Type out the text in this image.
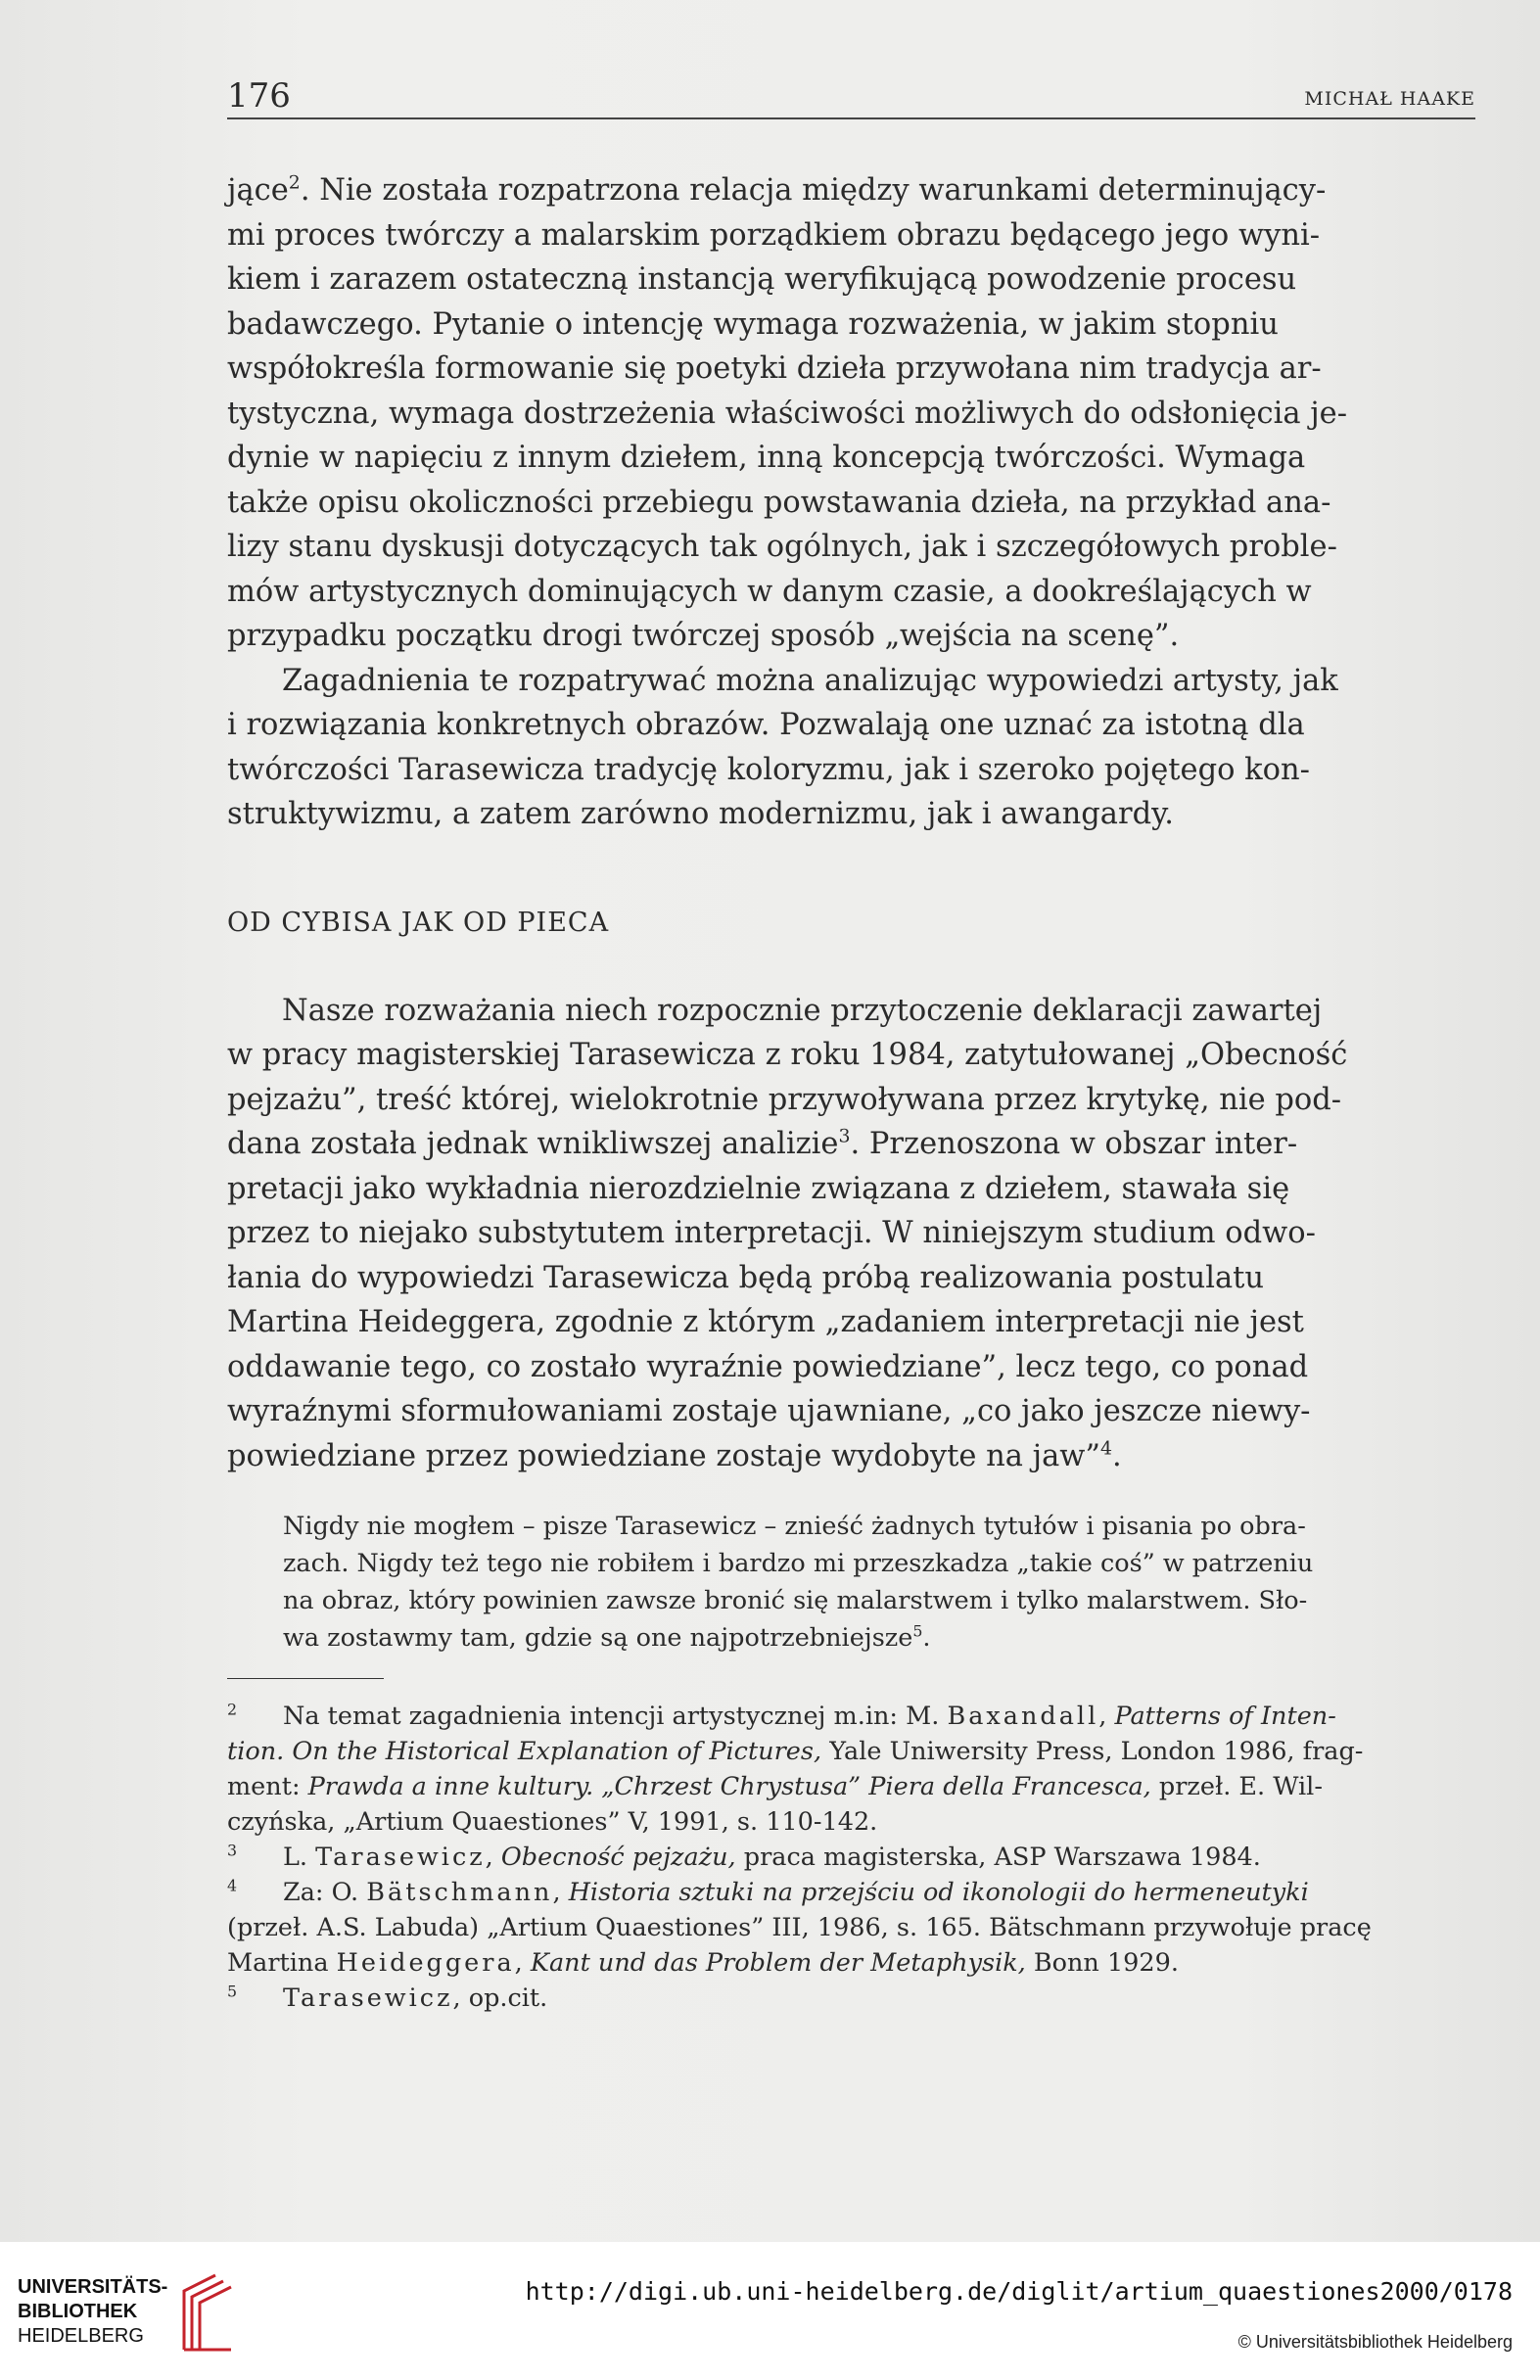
176	MICHAŁ HAAKE

jące$^2$. Nie została rozpatrzona relacja między warunkami determinujący-
mi proces twórczy a malarskim porządkiem obrazu będącego jego wyni-
kiem i zarazem ostateczną instancją weryfikującą powodzenie procesu
badawczego. Pytanie o intencję wymaga rozważenia, w jakim stopniu
współokreśla formowanie się poetyki dzieła przywołana nim tradycja ar-
tystyczna, wymaga dostrzeżenia właściwości możliwych do odsłonięcia je-
dynie w napięciu z innym dziełem, inną koncepcją twórczości. Wymaga
także opisu okoliczności przebiegu powstawania dzieła, na przykład ana-
lizy stanu dyskusji dotyczących tak ogólnych, jak i szczegółowych proble-
mów artystycznych dominujących w danym czasie, a dookreślających w
przypadku początku drogi twórczej sposób „wejścia na scenę”.

Zagadnienia te rozpatrywać można analizując wypowiedzi artysty, jak
i rozwiązania konkretnych obrazów. Pozwalają one uznać za istotną dla
twórczości Tarasewicza tradycję koloryzmu, jak i szeroko pojętego kon-
struktywizmu, a zatem zarówno modernizmu, jak i awangardy.

OD CYBISA JAK OD PIECA

Nasze rozważania niech rozpocznie przytoczenie deklaracji zawartej
w pracy magisterskiej Tarasewicza z roku 1984, zatytułowanej „Obecność
pejzażu”, treść której, wielokrotnie przywoływana przez krytykę, nie pod-
dana została jednak wnikliwszej analizie$^3$. Przenoszona w obszar inter-
pretacji jako wykładnia nierozdzielnie związana z dziełem, stawała się
przez to niejako substytutem interpretacji. W niniejszym studium odwo-
łania do wypowiedzi Tarasewicza będą próbą realizowania postulatu
Martina Heideggera, zgodnie z którym „zadaniem interpretacji nie jest
oddawanie tego, co zostało wyraźnie powiedziane”, lecz tego, co ponad
wyraźnymi sformułowaniami zostaje ujawniane, „co jako jeszcze niewy-
powiedziane przez powiedziane zostaje wydobyte na jaw”$^4$.

Nigdy nie mogłem – pisze Tarasewicz – znieść żadnych tytułów i pisania po obra-
zach. Nigdy też tego nie robiłem i bardzo mi przeszkadza „takie coś” w patrzeniu
na obraz, który powinien zawsze bronić się malarstwem i tylko malarstwem. Sło-
wa zostawmy tam, gdzie są one najpotrzebniejsze$^5$.
$^2$ Na temat zagadnienia intencji artystycznej m.in: M. Baxandall, Patterns of Inten-
tion. On the Historical Explanation of Pictures, Yale Uniwersity Press, London 1986, frag-
ment: Prawda a inne kultury. „Chrzest Chrystusa” Piera della Francesca, przeł. E. Wil-
czyńska, „Artium Quaestiones” V, 1991, s. 110-142.
$^3$ L. Tarasewicz, Obecność pejzażu, praca magisterska, ASP Warszawa 1984.
$^4$ Za: O. Bätschmann, Historia sztuki na przejściu od ikonologii do hermeneutyki
(przeł. A.S. Labuda) „Artium Quaestiones” III, 1986, s. 165. Bätschmann przywołuje pracę
Martina Heideggera, Kant und das Problem der Metaphysik, Bonn 1929.
$^5$ Tarasewicz, op.cit.
UNIVERSITÄTS-
BIBLIOTHEK
HEIDELBERG
http://digi.ub.uni-heidelberg.de/diglit/artium_quaestiones2000/0178
© Universitätsbibliothek Heidelberg
